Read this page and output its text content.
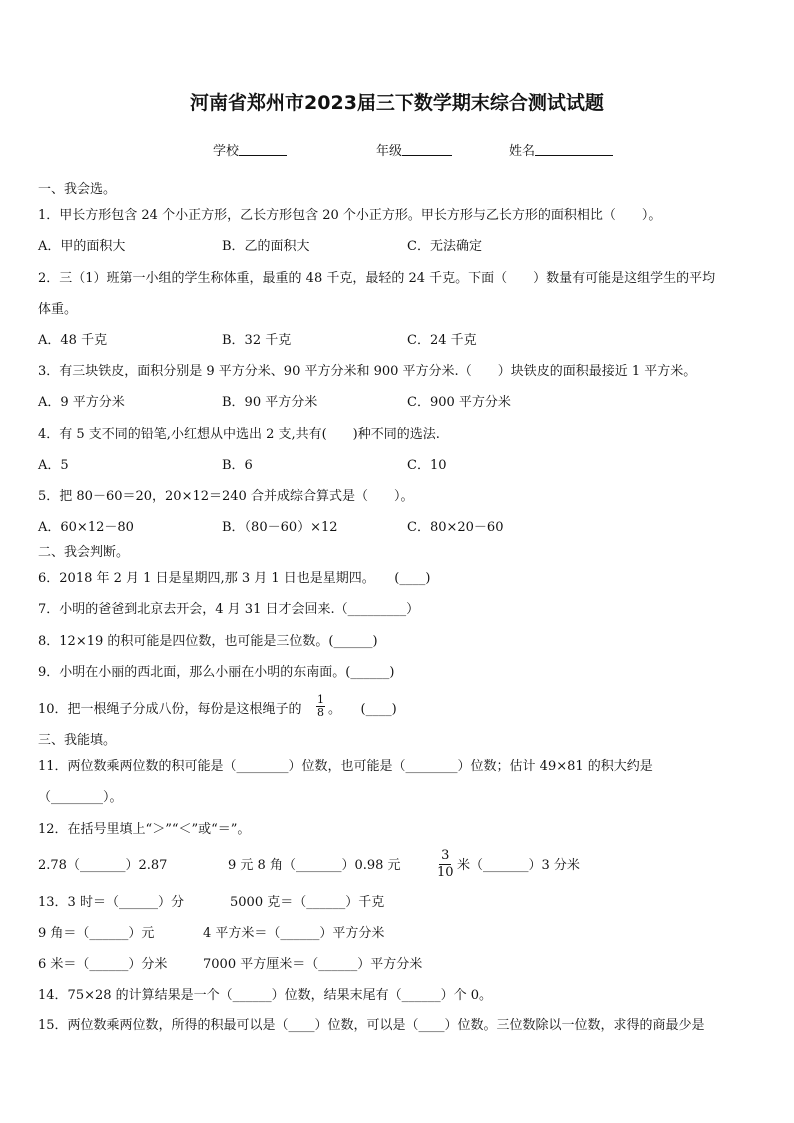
河南省郑州市2023届三下数学期末综合测试试题
学校	年级	姓名
一、我会选。
1．甲长方形包含 24 个小正方形，乙长方形包含 20 个小正方形。甲长方形与乙长方形的面积相比（　　）。
A．甲的面积大	B．乙的面积大	C．无法确定
2．三（1）班第一小组的学生称体重，最重的 48 千克，最轻的 24 千克。下面（　　）数量有可能是这组学生的平均
体重。
A．48 千克	B．32 千克	C．24 千克
3．有三块铁皮，面积分别是 9 平方分米、90 平方分米和 900 平方分米.（　　）块铁皮的面积最接近 1 平方米。
A．9 平方分米	B．90 平方分米	C．900 平方分米
4．有 5 支不同的铅笔,小红想从中选出 2 支,共有(　　)种不同的选法.
A．5	B．6	C．10
5．把 80－60＝20，20×12＝240 合并成综合算式是（　　）。
A．60×12－80	B．（80－60）×12	C．80×20－60
二、我会判断。
6．2018 年 2 月 1 日是星期四,那 3 月 1 日也是星期四。　　(____)
7．小明的爸爸到北京去开会，4 月 31 日才会回来.（_________）
8．12×19 的积可能是四位数，也可能是三位数。(______)
9．小明在小丽的西北面，那么小丽在小明的东南面。(______)
10．把一根绳子分成八份，每份是这根绳子的 $\frac{1}{8}$ 。　　(____)
三、我能填。
11．两位数乘两位数的积可能是（________）位数，也可能是（________）位数；估计 49×81 的积大约是
（________）。
12．在括号里填上“＞”“＜”或“＝”。
2.78（_______）2.87	9 元 8 角（_______）0.98 元	$\frac{3}{10}$ 米（_______）3 分米
13．3 时＝（______）分	5000 克＝（______）千克
9 角＝（______）元	4 平方米＝（______）平方分米
6 米＝（______）分米	7000 平方厘米＝（______）平方分米
14．75×28 的计算结果是一个（______）位数，结果末尾有（______）个 0。
15．两位数乘两位数，所得的积最可以是（____）位数，可以是（____）位数。三位数除以一位数，求得的商最少是
